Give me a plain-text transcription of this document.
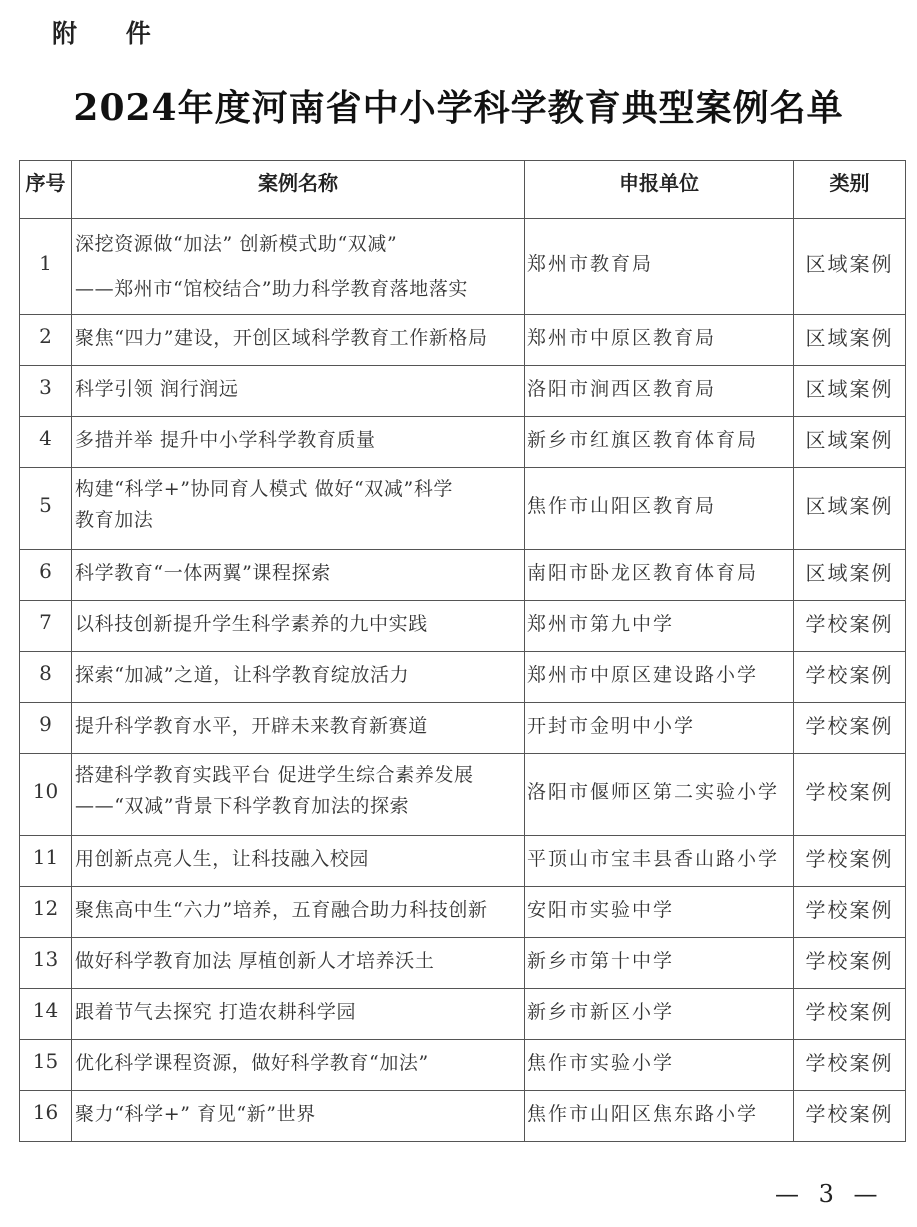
附 件
2024年度河南省中小学科学教育典型案例名单
序号	案例名称	申报单位	类别
1	深挖资源做“加法” 创新模式助“双减”
——郑州市“馆校结合”助力科学教育落地落实	郑州市教育局	区域案例
2	聚焦“四力”建设，开创区域科学教育工作新格局	郑州市中原区教育局	区域案例
3	科学引领 润行润远	洛阳市涧西区教育局	区域案例
4	多措并举 提升中小学科学教育质量	新乡市红旗区教育体育局	区域案例
5	构建“科学+”协同育人模式 做好“双减”科学
教育加法	焦作市山阳区教育局	区域案例
6	科学教育“一体两翼”课程探索	南阳市卧龙区教育体育局	区域案例
7	以科技创新提升学生科学素养的九中实践	郑州市第九中学	学校案例
8	探索“加减”之道，让科学教育绽放活力	郑州市中原区建设路小学	学校案例
9	提升科学教育水平，开辟未来教育新赛道	开封市金明中小学	学校案例
10	搭建科学教育实践平台 促进学生综合素养发展
——“双减”背景下科学教育加法的探索	洛阳市偃师区第二实验小学	学校案例
11	用创新点亮人生，让科技融入校园	平顶山市宝丰县香山路小学	学校案例
12	聚焦高中生“六力”培养，五育融合助力科技创新	安阳市实验中学	学校案例
13	做好科学教育加法 厚植创新人才培养沃土	新乡市第十中学	学校案例
14	跟着节气去探究 打造农耕科学园	新乡市新区小学	学校案例
15	优化科学课程资源，做好科学教育“加法”	焦作市实验小学	学校案例
16	聚力“科学+” 育见“新”世界	焦作市山阳区焦东路小学	学校案例
— 3 —
